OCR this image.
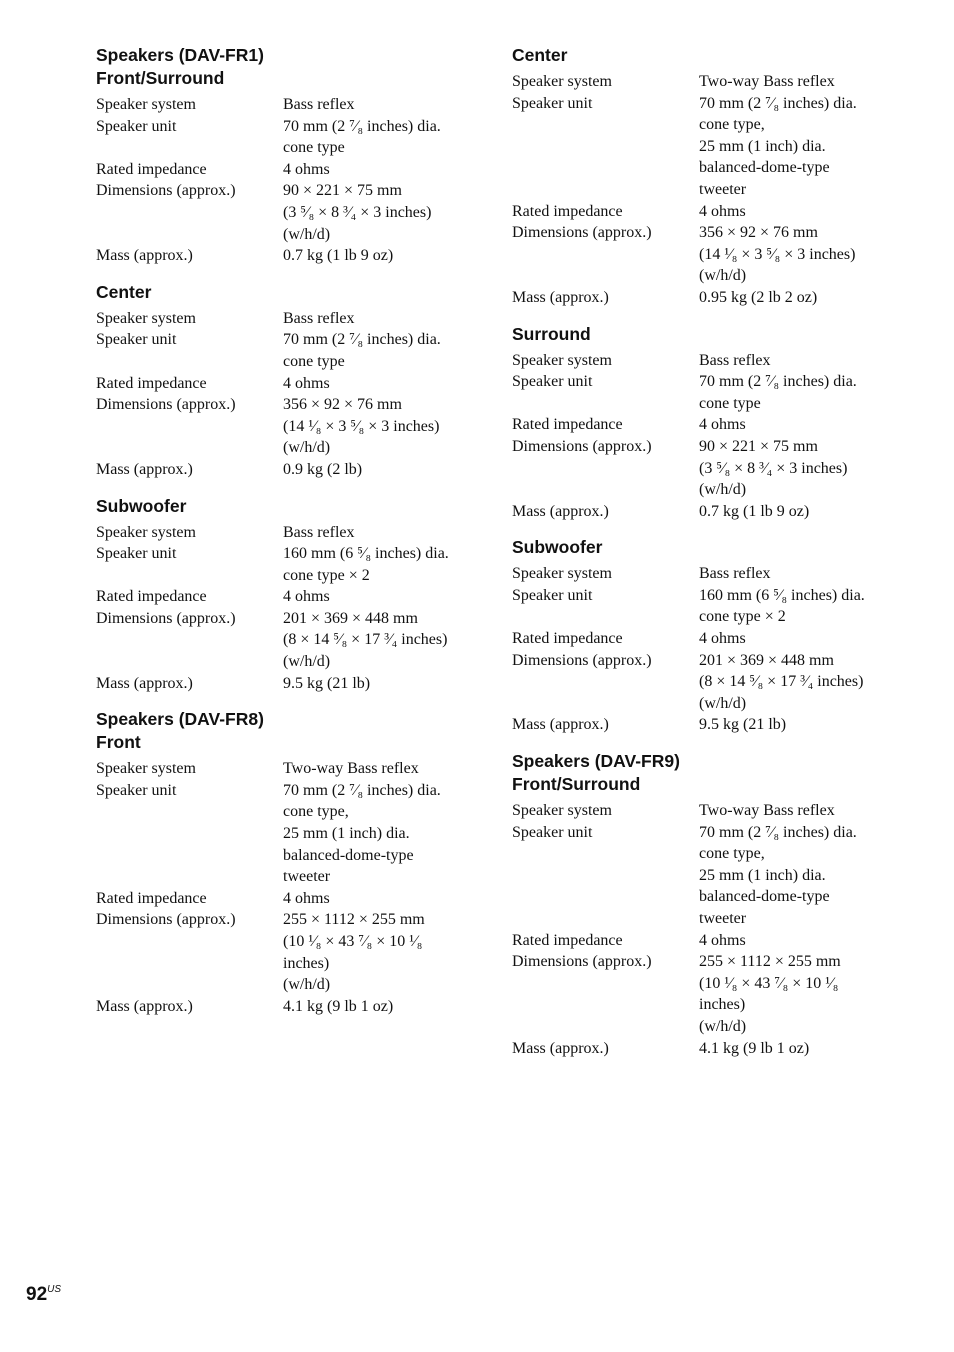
Speakers (DAV-FR1)
Front/Surround
Speaker system	Bass reflex
Speaker unit	70 mm (2 ⁷⁄₈ inches) dia.
cone type
Rated impedance	4 ohms
Dimensions (approx.)	90 × 221 × 75 mm
(3 ⁵⁄₈ × 8 ³⁄₄ × 3 inches)
(w/h/d)
Mass (approx.)	0.7 kg (1 lb 9 oz)
Center
Speaker system	Bass reflex
Speaker unit	70 mm (2 ⁷⁄₈ inches) dia.
cone type
Rated impedance	4 ohms
Dimensions (approx.)	356 × 92 × 76 mm
(14 ¹⁄₈ × 3 ⁵⁄₈ × 3 inches)
(w/h/d)
Mass (approx.)	0.9 kg (2 lb)
Subwoofer
Speaker system	Bass reflex
Speaker unit	160 mm (6 ⁵⁄₈ inches) dia.
cone type × 2
Rated impedance	4 ohms
Dimensions (approx.)	201 × 369 × 448 mm
(8 × 14 ⁵⁄₈ × 17 ³⁄₄ inches)
(w/h/d)
Mass (approx.)	9.5 kg (21 lb)
Speakers (DAV-FR8)
Front
Speaker system	Two-way Bass reflex
Speaker unit	70 mm (2 ⁷⁄₈ inches) dia.
cone type,
25 mm (1 inch) dia.
balanced-dome-type
tweeter
Rated impedance	4 ohms
Dimensions (approx.)	255 × 1112 × 255 mm
(10 ¹⁄₈ × 43 ⁷⁄₈ × 10 ¹⁄₈
inches)
(w/h/d)
Mass (approx.)	4.1 kg (9 lb 1 oz)
Center
Speaker system	Two-way Bass reflex
Speaker unit	70 mm (2 ⁷⁄₈ inches) dia.
cone type,
25 mm (1 inch) dia.
balanced-dome-type
tweeter
Rated impedance	4 ohms
Dimensions (approx.)	356 × 92 × 76 mm
(14 ¹⁄₈ × 3 ⁵⁄₈ × 3 inches)
(w/h/d)
Mass (approx.)	0.95 kg (2 lb 2 oz)
Surround
Speaker system	Bass reflex
Speaker unit	70 mm (2 ⁷⁄₈ inches) dia.
cone type
Rated impedance	4 ohms
Dimensions (approx.)	90 × 221 × 75 mm
(3 ⁵⁄₈ × 8 ³⁄₄ × 3 inches)
(w/h/d)
Mass (approx.)	0.7 kg (1 lb 9 oz)
Subwoofer
Speaker system	Bass reflex
Speaker unit	160 mm (6 ⁵⁄₈ inches) dia.
cone type × 2
Rated impedance	4 ohms
Dimensions (approx.)	201 × 369 × 448 mm
(8 × 14 ⁵⁄₈ × 17 ³⁄₄ inches)
(w/h/d)
Mass (approx.)	9.5 kg (21 lb)
Speakers (DAV-FR9)
Front/Surround
Speaker system	Two-way Bass reflex
Speaker unit	70 mm (2 ⁷⁄₈ inches) dia.
cone type,
25 mm (1 inch) dia.
balanced-dome-type
tweeter
Rated impedance	4 ohms
Dimensions (approx.)	255 × 1112 × 255 mm
(10 ¹⁄₈ × 43 ⁷⁄₈ × 10 ¹⁄₈
inches)
(w/h/d)
Mass (approx.)	4.1 kg (9 lb 1 oz)
$92^{US}$
